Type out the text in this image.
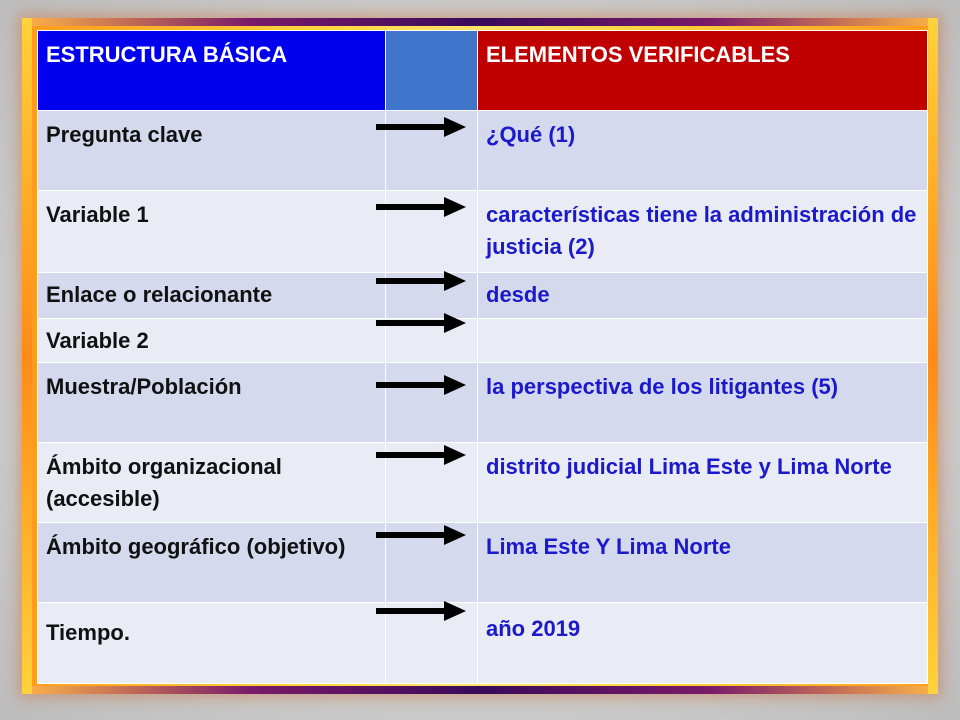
ESTRUCTURA BÁSICA		ELEMENTOS VERIFICABLES
Pregunta clave		¿Qué (1)
Variable 1		características tiene la administración de justicia (2)
Enlace o relacionante		desde
Variable 2	

Muestra/Población		la perspectiva de los litigantes (5)
Ámbito organizacional (accesible)		distrito judicial Lima Este y Lima Norte
Ámbito geográfico (objetivo)		Lima Este Y Lima Norte
Tiempo.		año 2019
